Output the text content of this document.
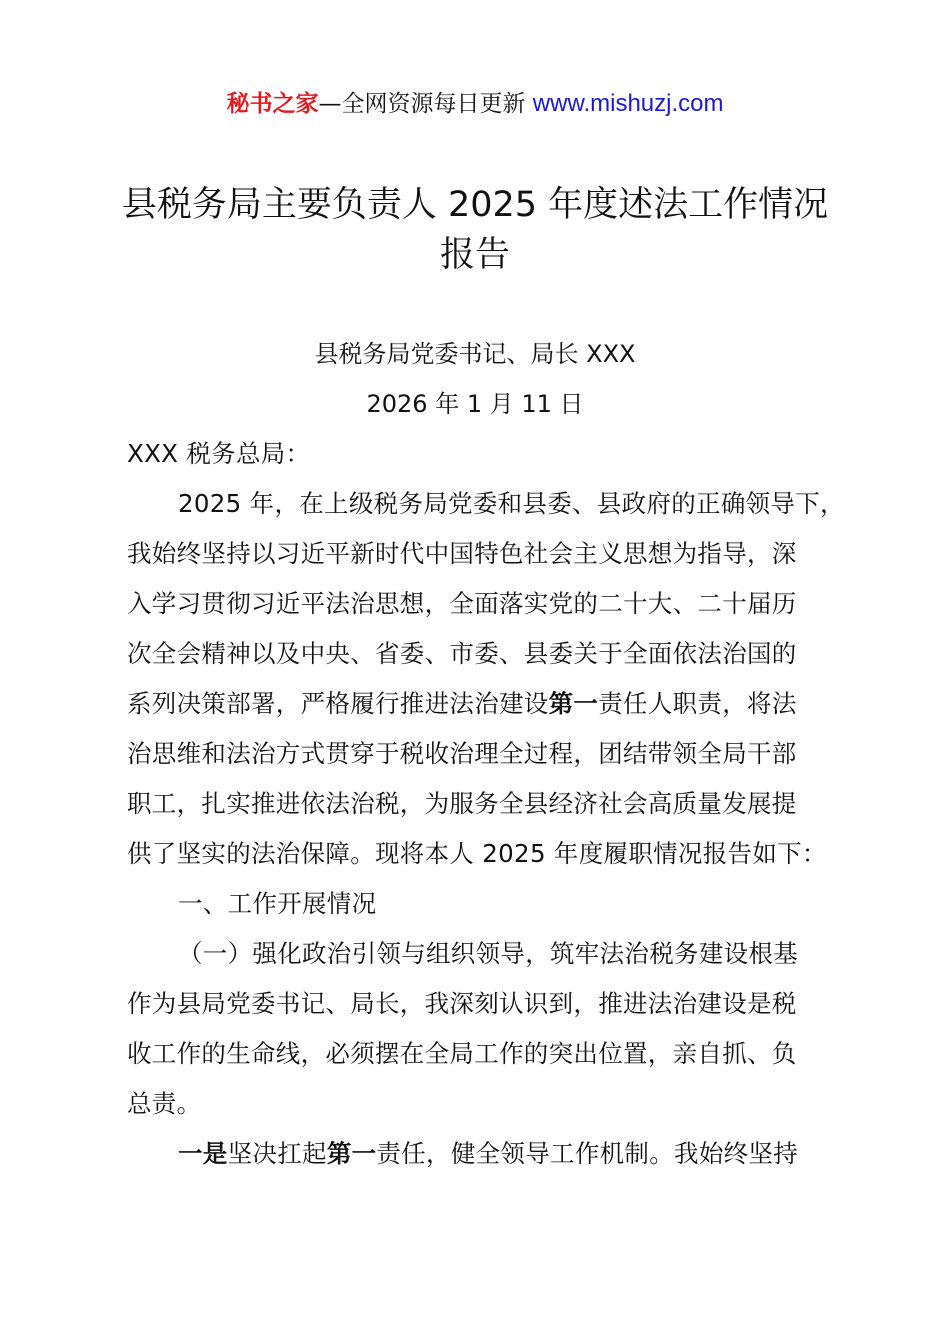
秘书之家—全网资源每日更新 www.mishuzj.com
县税务局主要负责人 2025 年度述法工作情况
报告
县税务局党委书记、局长 XXX
2026 年 1 月 11 日
XXX 税务总局：
2025 年，在上级税务局党委和县委、县政府的正确领导下，
我始终坚持以习近平新时代中国特色社会主义思想为指导，深
入学习贯彻习近平法治思想，全面落实党的二十大、二十届历
次全会精神以及中央、省委、市委、县委关于全面依法治国的
系列决策部署，严格履行推进法治建设第一责任人职责，将法
治思维和法治方式贯穿于税收治理全过程，团结带领全局干部
职工，扎实推进依法治税，为服务全县经济社会高质量发展提
供了坚实的法治保障。现将本人 2025 年度履职情况报告如下：
一、工作开展情况
（一）强化政治引领与组织领导，筑牢法治税务建设根基
作为县局党委书记、局长，我深刻认识到，推进法治建设是税
收工作的生命线，必须摆在全局工作的突出位置，亲自抓、负
总责。
一是坚决扛起第一责任，健全领导工作机制。我始终坚持
